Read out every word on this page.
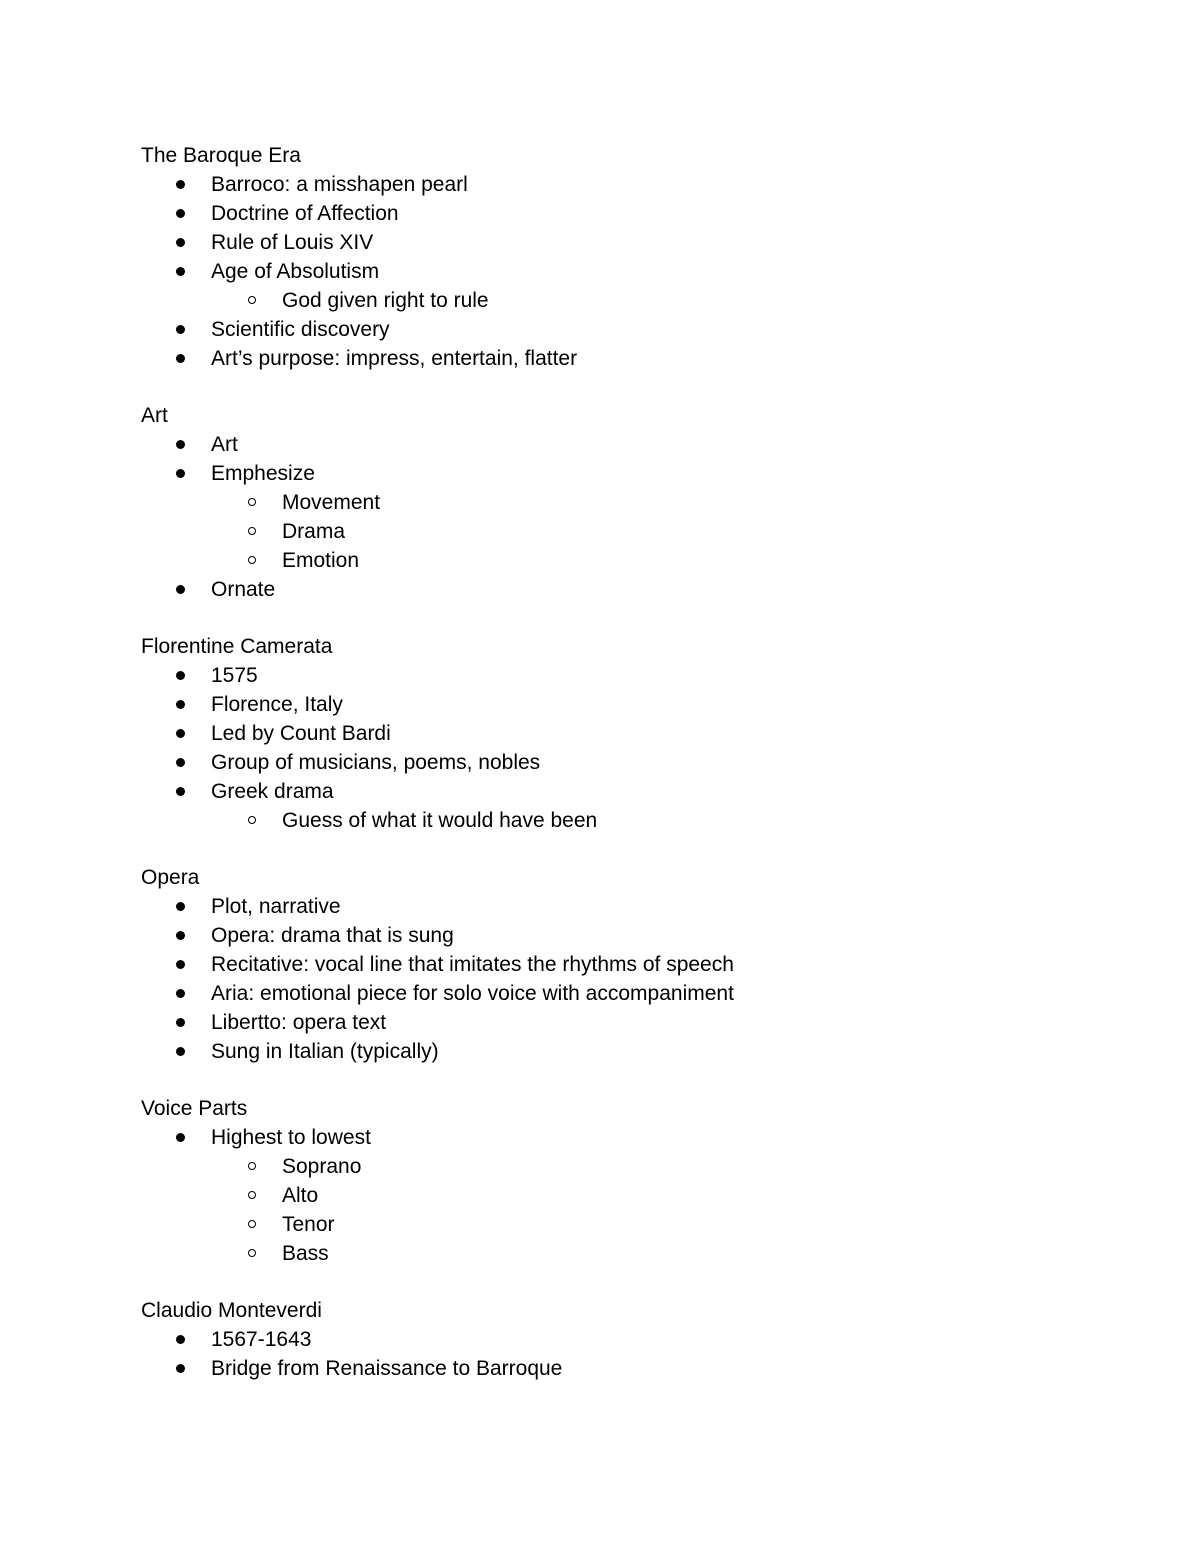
The Baroque Era
Barroco: a misshapen pearl
Doctrine of Affection
Rule of Louis XIV
Age of Absolutism
God given right to rule
Scientific discovery
Art’s purpose: impress, entertain, flatter
Art
Art
Emphesize
Movement
Drama
Emotion
Ornate
Florentine Camerata
1575
Florence, Italy
Led by Count Bardi
Group of musicians, poems, nobles
Greek drama
Guess of what it would have been
Opera
Plot, narrative
Opera: drama that is sung
Recitative: vocal line that imitates the rhythms of speech
Aria: emotional piece for solo voice with accompaniment
Libertto: opera text
Sung in Italian (typically)
Voice Parts
Highest to lowest
Soprano
Alto
Tenor
Bass
Claudio Monteverdi
1567-1643
Bridge from Renaissance to Barroque
